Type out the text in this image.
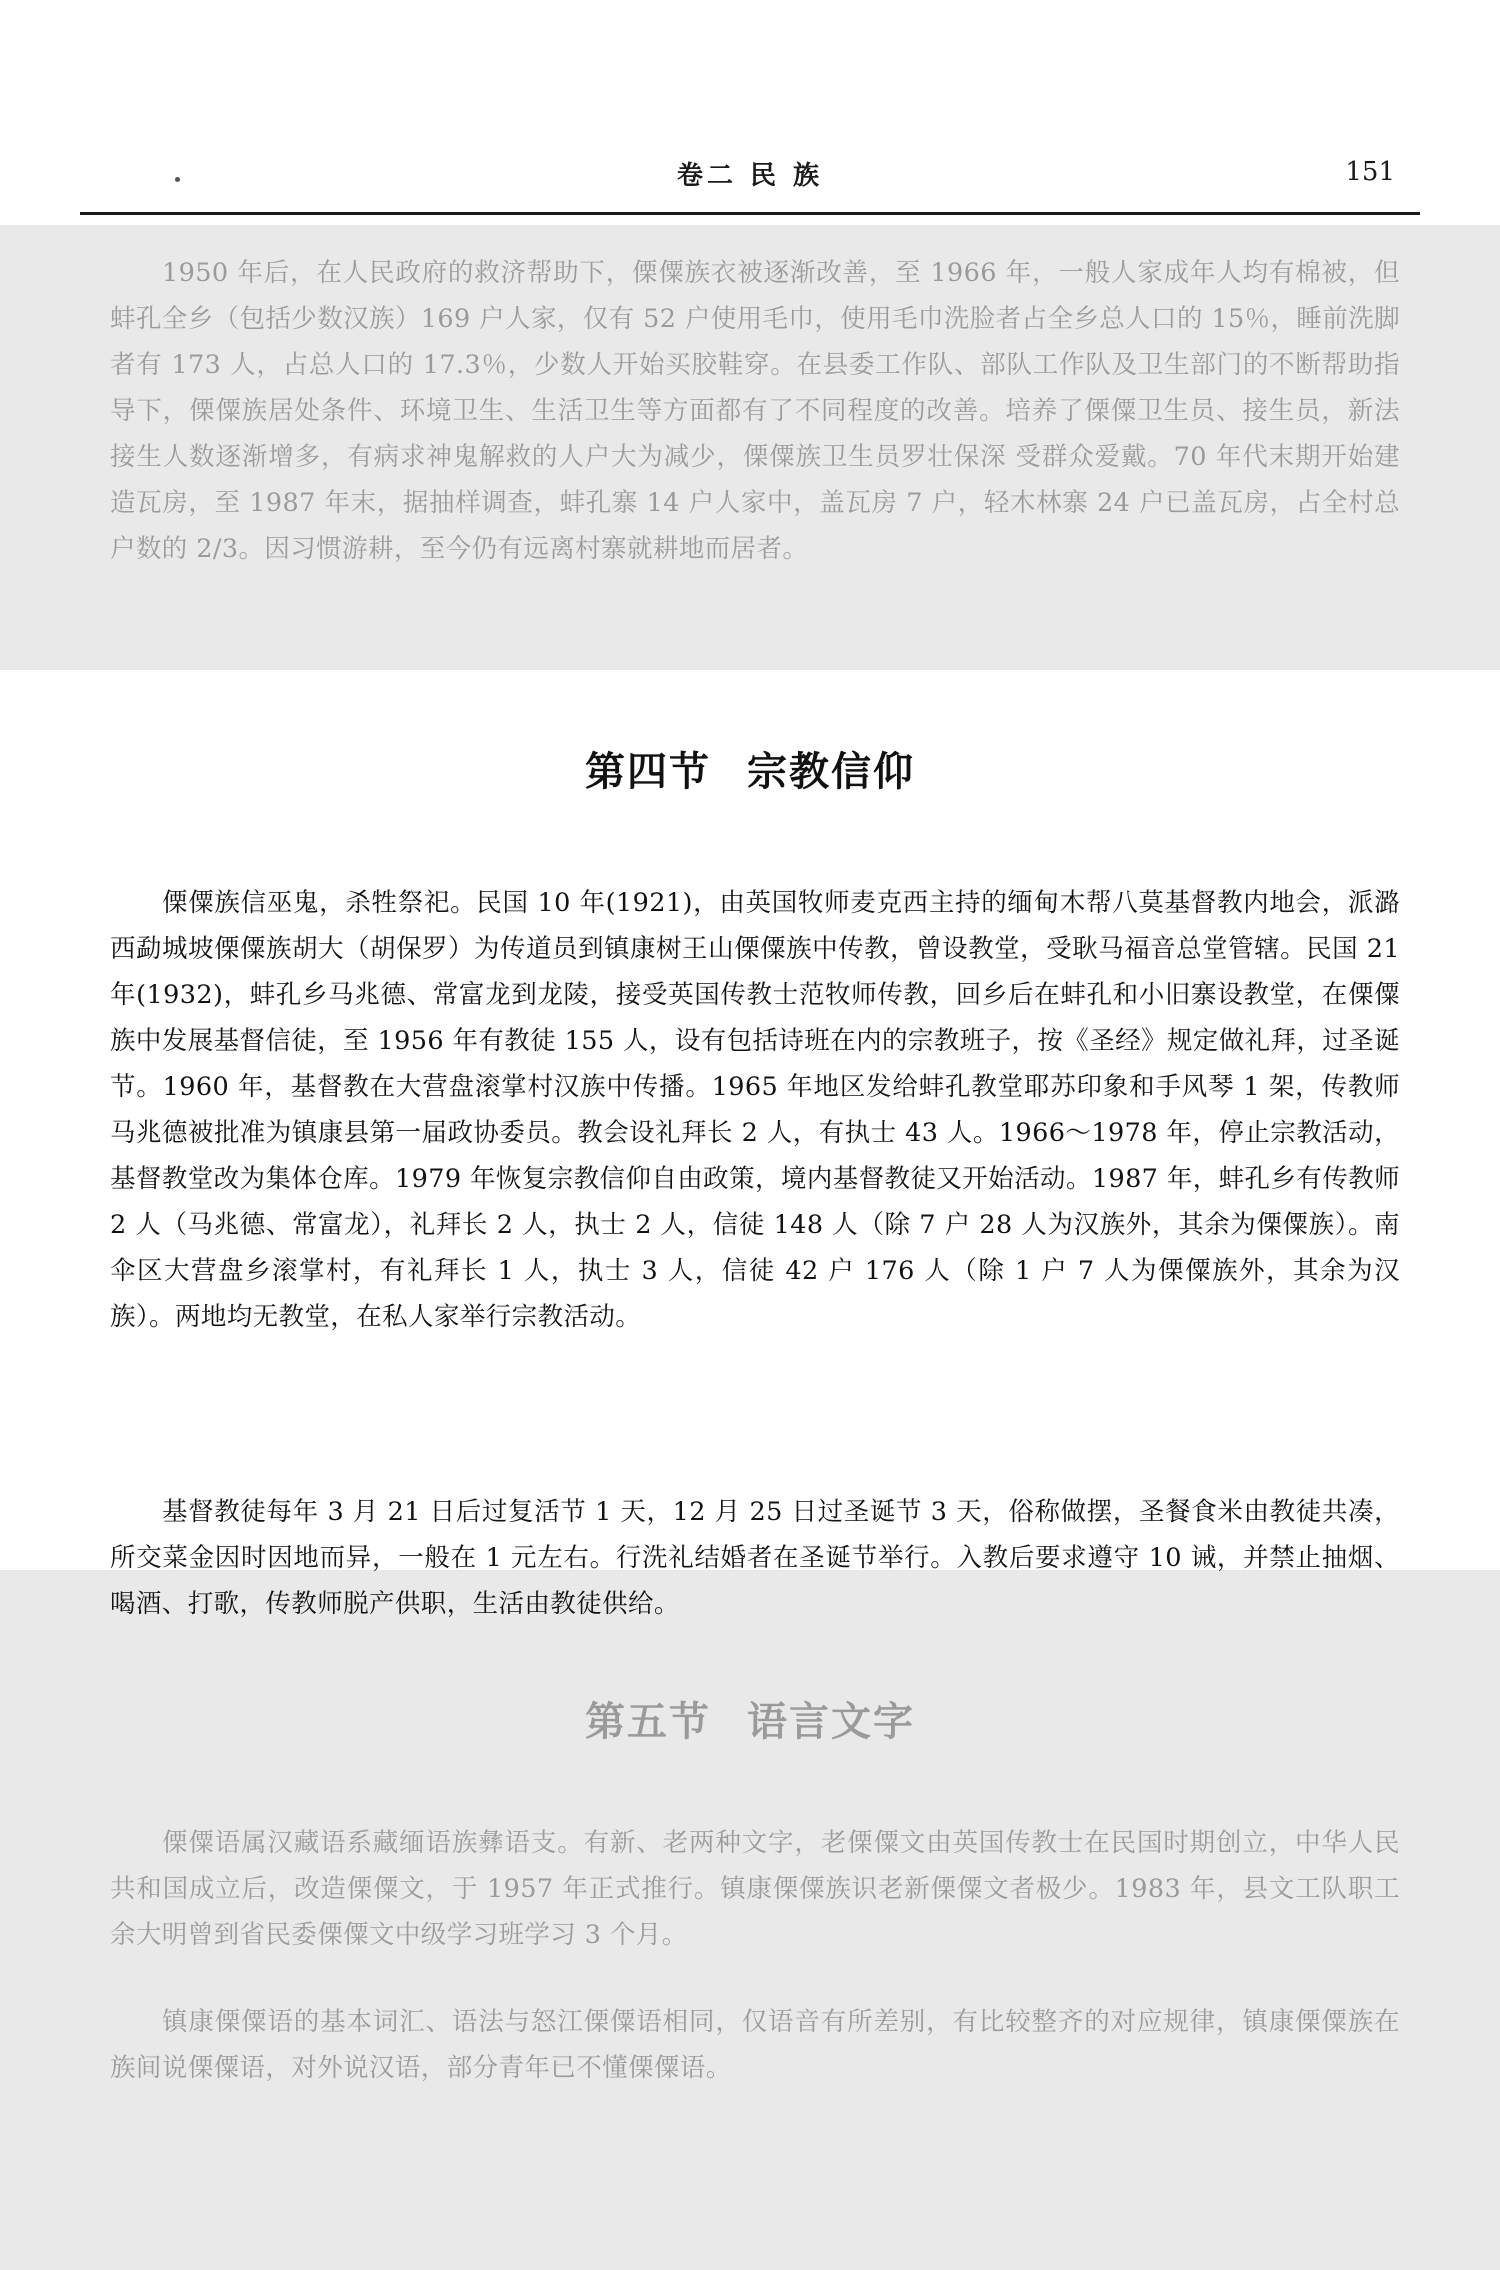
卷二 民 族	151

1950 年后，在人民政府的救济帮助下，傈僳族衣被逐渐改善，至 1966 年，一般人家成年人均有棉被，但蚌孔全乡（包括少数汉族）169 户人家，仅有 52 户使用毛巾，使用毛巾洗脸者占全乡总人口的 15％，睡前洗脚者有 173 人，占总人口的 17.3％，少数人开始买胶鞋穿。在县委工作队、部队工作队及卫生部门的不断帮助指导下，傈僳族居处条件、环境卫生、生活卫生等方面都有了不同程度的改善。培养了傈僳卫生员、接生员，新法接生人数逐渐增多，有病求神鬼解救的人户大为减少，傈僳族卫生员罗壮保深 受群众爱戴。70 年代末期开始建造瓦房，至 1987 年末，据抽样调查，蚌孔寨 14 户人家中，盖瓦房 7 户，轻木林寨 24 户已盖瓦房，占全村总户数的 2/3。因习惯游耕，至今仍有远离村寨就耕地而居者。

第四节 宗教信仰

傈僳族信巫鬼，杀牲祭祀。民国 10 年(1921)，由英国牧师麦克西主持的缅甸木帮八莫基督教内地会，派潞西勐城坡傈僳族胡大（胡保罗）为传道员到镇康树王山傈僳族中传教，曾设教堂，受耿马福音总堂管辖。民国 21 年(1932)，蚌孔乡马兆德、常富龙到龙陵，接受英国传教士范牧师传教，回乡后在蚌孔和小旧寨设教堂，在傈僳族中发展基督信徒，至 1956 年有教徒 155 人，设有包括诗班在内的宗教班子，按《圣经》规定做礼拜，过圣诞节。1960 年，基督教在大营盘滚掌村汉族中传播。1965 年地区发给蚌孔教堂耶苏印象和手风琴 1 架，传教师马兆德被批准为镇康县第一届政协委员。教会设礼拜长 2 人，有执士 43 人。1966～1978 年，停止宗教活动，基督教堂改为集体仓库。1979 年恢复宗教信仰自由政策，境内基督教徒又开始活动。1987 年，蚌孔乡有传教师 2 人（马兆德、常富龙），礼拜长 2 人，执士 2 人，信徒 148 人（除 7 户 28 人为汉族外，其余为傈僳族）。南伞区大营盘乡滚掌村，有礼拜长 1 人，执士 3 人，信徒 42 户 176 人（除 1 户 7 人为傈僳族外，其余为汉族）。两地均无教堂，在私人家举行宗教活动。

基督教徒每年 3 月 21 日后过复活节 1 天，12 月 25 日过圣诞节 3 天，俗称做摆，圣餐食米由教徒共凑，所交菜金因时因地而异，一般在 1 元左右。行洗礼结婚者在圣诞节举行。入教后要求遵守 10 诫，并禁止抽烟、喝酒、打歌，传教师脱产供职，生活由教徒供给。

第五节 语言文字

傈僳语属汉藏语系藏缅语族彝语支。有新、老两种文字，老傈僳文由英国传教士在民国时期创立，中华人民共和国成立后，改造傈僳文，于 1957 年正式推行。镇康傈僳族识老新傈僳文者极少。1983 年，县文工队职工余大明曾到省民委傈僳文中级学习班学习 3 个月。

镇康傈僳语的基本词汇、语法与怒江傈僳语相同，仅语音有所差别，有比较整齐的对应规律，镇康傈僳族在族间说傈僳语，对外说汉语，部分青年已不懂傈僳语。
